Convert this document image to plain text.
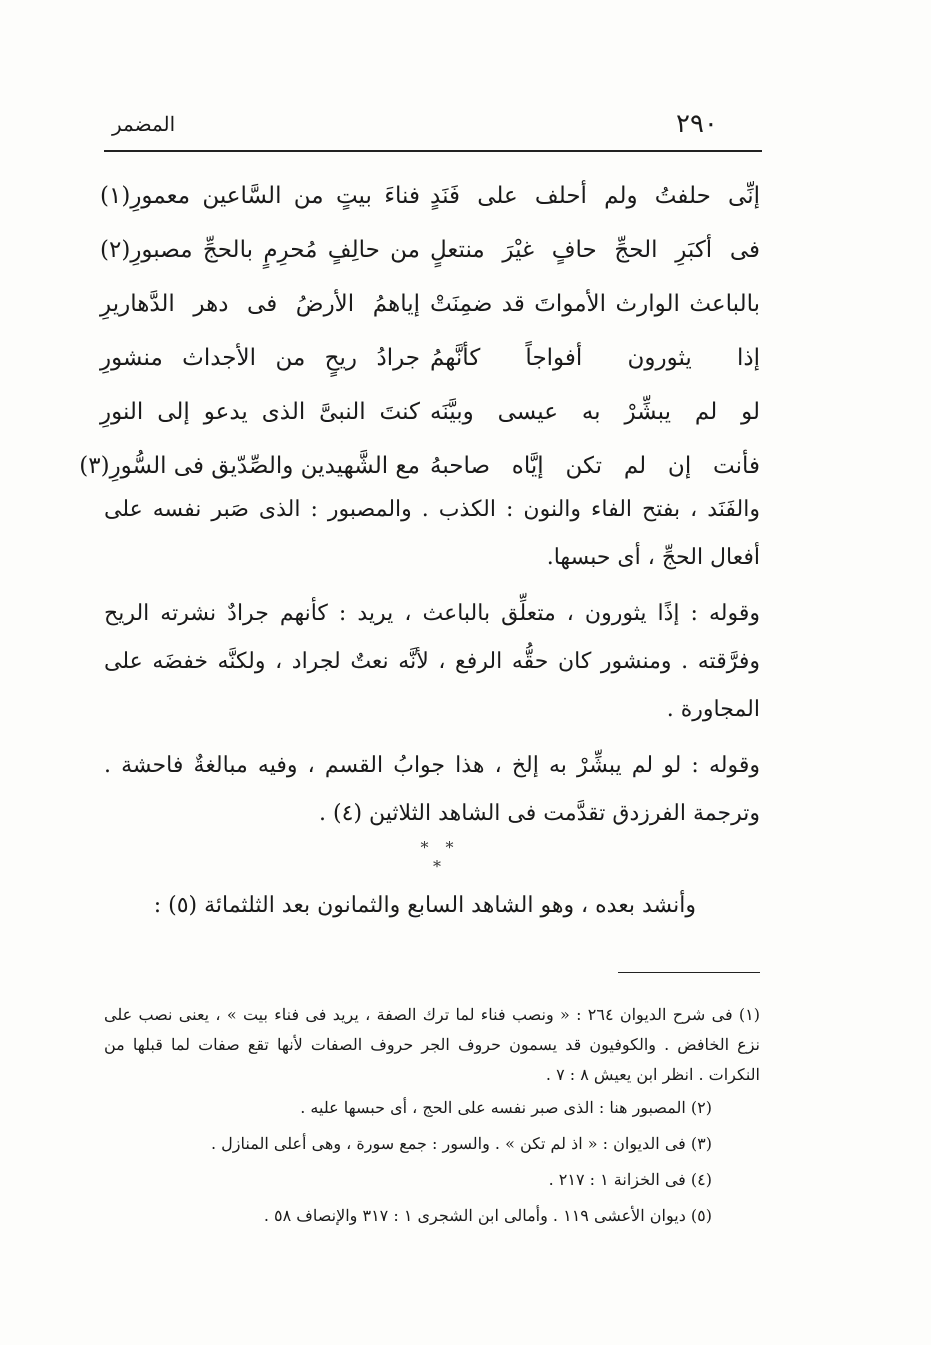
٢٩٠
المضمر
إنِّى حلفتُ ولم أحلف على فَنَدٍ
فناءَ بيتٍ من السَّاعين معمورِ(١)
فى أكبَرِ الحجِّ حافٍ غيْرَ منتعلٍ
من حالِفٍ مُحرِمٍ بالحجِّ مصبورِ(٢)
بالباعث الوارث الأمواتَ قد ضمِنَتْ
إياهمُ الأرضُ فى دهر الدَّهاريرِ
إذا يثورون أفواجاً كأنَّهمُ
جرادُ ريحٍ من الأجداث منشورِ
لو لم يبشِّرْ به عيسى وبيَّنَه
كنتَ النبىَّ الذى يدعو إلى النورِ
فأنت إن لم تكن إيَّاه صاحبهُ
مع الشَّهيدين والصِّدّيق فى السُّورِ(٣)

والفَنَد ، بفتح الفاء والنون : الكذب . والمصبور : الذى صَبر نفسه على أفعال الحجِّ ، أى حبسها.

وقوله : إذًا يثورون ، متعلِّق بالباعث ، يريد : كأنهم جرادٌ نشرته الريح وفرَّقته . ومنشور كان حقُّه الرفع ، لأنَّه نعتٌ لجراد ، ولكنَّه خفضَه على المجاورة .

وقوله : لو لم يبشِّرْ به إلخ ، هذا جوابُ القسم ، وفيه مبالغةٌ فاحشة . وترجمة الفرزدق تقدَّمت فى الشاهد الثلاثين (٤) .

* * *
وأنشد بعده ، وهو الشاهد السابع والثمانون بعد الثلثمائة (٥) :

(١) فى شرح الديوان ٢٦٤ : « ونصب فناء لما ترك الصفة ، يريد فى فناء بيت » ، يعنى نصب على نزع الخافض . والكوفيون قد يسمون حروف الجر حروف الصفات لأنها تقع صفات لما قبلها من النكرات . انظر ابن يعيش ٨ : ٧ .

(٢) المصبور هنا : الذى صبر نفسه على الحج ، أى حبسها عليه .

(٣) فى الديوان : « اذ لم تكن » . والسور : جمع سورة ، وهى أعلى المنازل .

(٤) فى الخزانة ١ : ٢١٧ .

(٥) ديوان الأعشى ١١٩ . وأمالى ابن الشجرى ١ : ٣١٧ والإنصاف ٥٨ .
